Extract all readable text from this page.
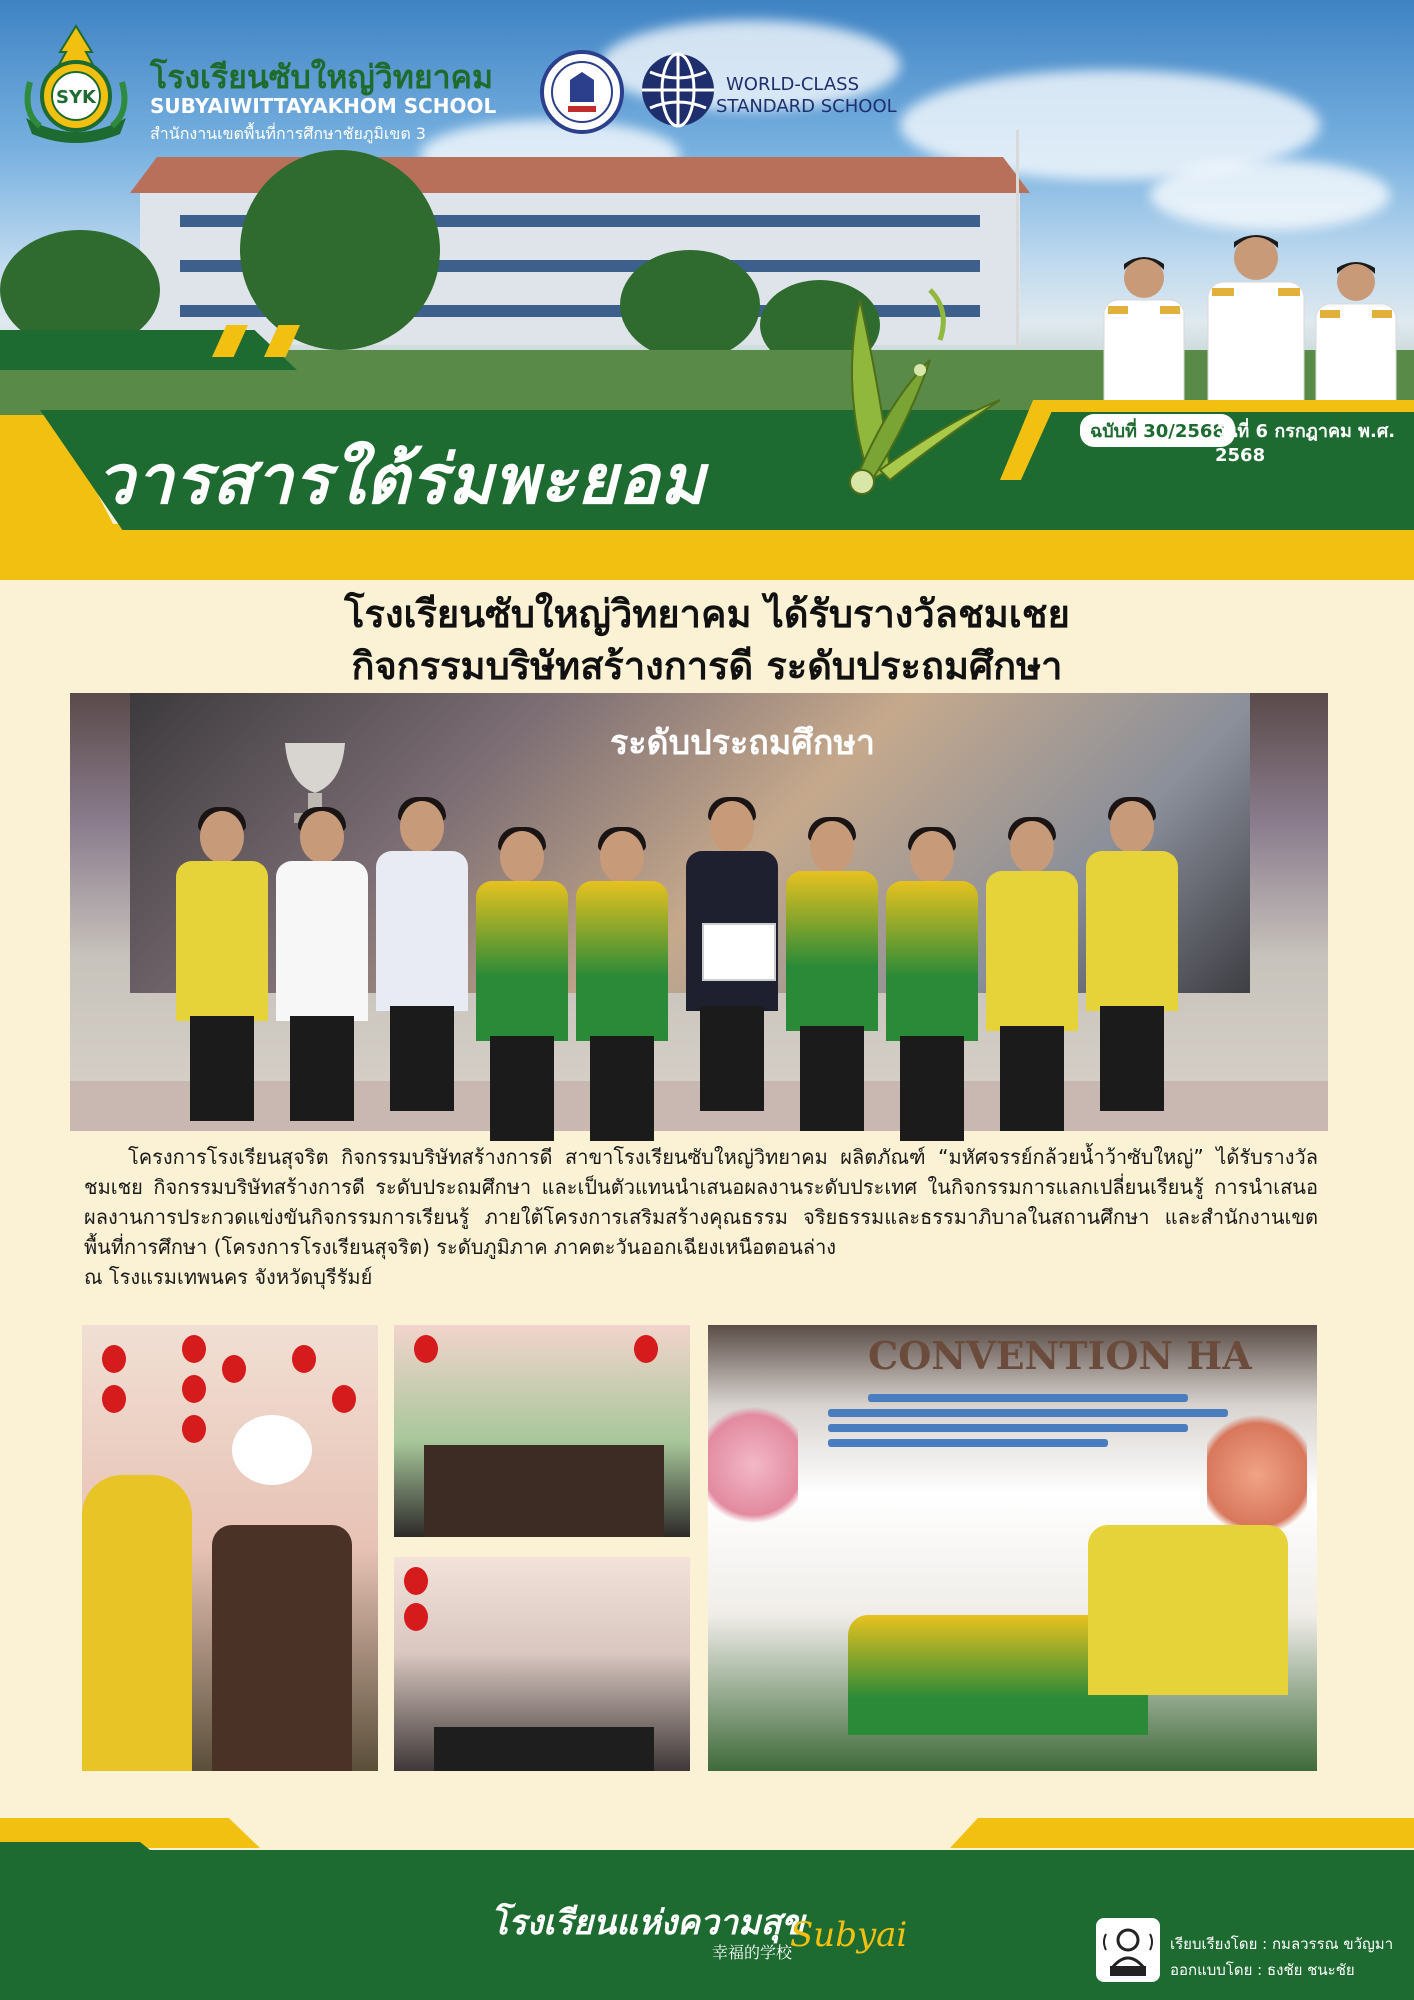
SYK
โรงเรียนซับใหญ่วิทยาคม
SUBYAIWITTAYAKHOM SCHOOL
สำนักงานเขตพื้นที่การศึกษาชัยภูมิเขต 3
WORLD-CLASS
STANDARD SCHOOL
ฉบับที่ 30/2568
วันที่ 6 กรกฎาคม พ.ศ. 2568
วารสารใต้ร่มพะยอม
โรงเรียนซับใหญ่วิทยาคม ได้รับรางวัลชมเชย
กิจกรรมบริษัทสร้างการดี ระดับประถมศึกษา
ระดับประถมศึกษา

โครงการโรงเรียนสุจริต กิจกรรมบริษัทสร้างการดี สาขาโรงเรียนซับใหญ่วิทยาคม ผลิตภัณฑ์ “มหัศจรรย์กล้วยน้ำว้าซับใหญ่” ได้รับรางวัลชมเชย กิจกรรมบริษัทสร้างการดี ระดับประถมศึกษา และเป็นตัวแทนนำเสนอผลงานระดับประเทศ ในกิจกรรมการแลกเปลี่ยนเรียนรู้ การนำเสนอผลงานการประกวดแข่งขันกิจกรรมการเรียนรู้ ภายใต้โครงการเสริมสร้างคุณธรรม จริยธรรมและธรรมาภิบาลในสถานศึกษา และสำนักงานเขตพื้นที่การศึกษา (โครงการโรงเรียนสุจริต) ระดับภูมิภาค ภาคตะวันออกเฉียงเหนือตอนล่าง

ณ โรงแรมเทพนคร จังหวัดบุรีรัมย์

CONVENTION HA
โรงเรียนแห่งความสุข
幸福的学校
Subyai	เรียบเรียงโดย : กมลวรรณ ขวัญมา
ออกแบบโดย : ธงชัย ชนะชัย
